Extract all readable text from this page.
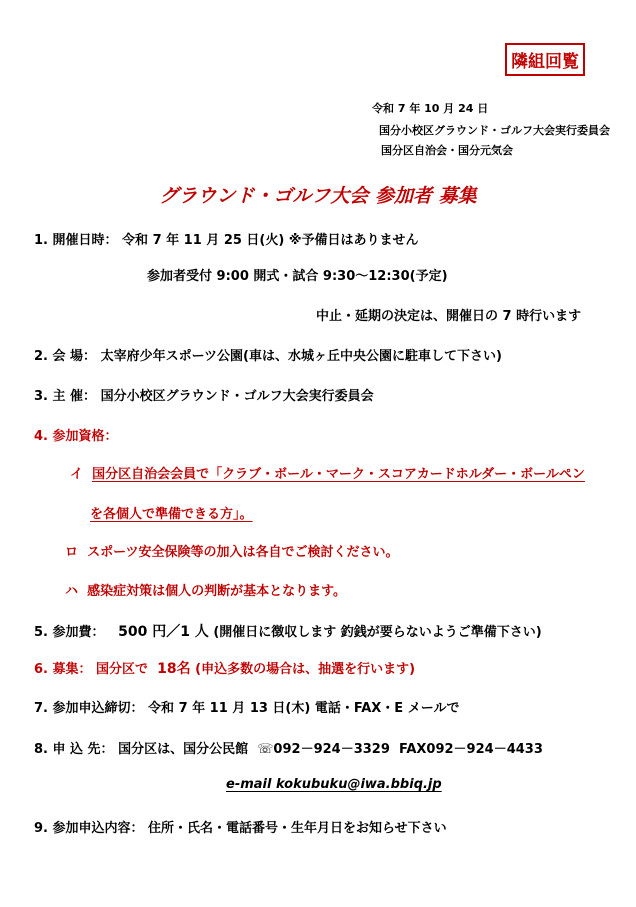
隣組回覧
令和 7 年 10 月 24 日
国分小校区グラウンド・ゴルフ大会実行委員会
国分区自治会・国分元気会
グラウンド・ゴルフ大会 参加者 募集
1. 開催日時： 令和 7 年 11 月 25 日(火) ※予備日はありません
参加者受付 9:00 開式・試合 9:30～12:30(予定)
中止・延期の決定は、開催日の 7 時行います
2. 会 場： 太宰府少年スポーツ公園(車は、水城ヶ丘中央公園に駐車して下さい)
3. 主 催： 国分小校区グラウンド・ゴルフ大会実行委員会
4. 参加資格：
イ 国分区自治会会員で「クラブ・ボール・マーク・スコアカードホルダー・ボールペン
を各個人で準備できる方」。
ロ スポーツ安全保険等の加入は各自でご検討ください。
ハ 感染症対策は個人の判断が基本となります。
5. 参加費： 500 円／1 人 (開催日に徴収します 釣銭が要らないようご準備下さい)
6. 募集： 国分区で 18名 (申込多数の場合は、抽選を行います)
7. 参加申込締切： 令和 7 年 11 月 13 日(木) 電話・FAX・E メールで
8. 申 込 先： 国分区は、国分公民館 ☏092－924－3329 FAX092－924－4433
e-mail kokubuku@iwa.bbiq.jp
9. 参加申込内容： 住所・氏名・電話番号・生年月日をお知らせ下さい
